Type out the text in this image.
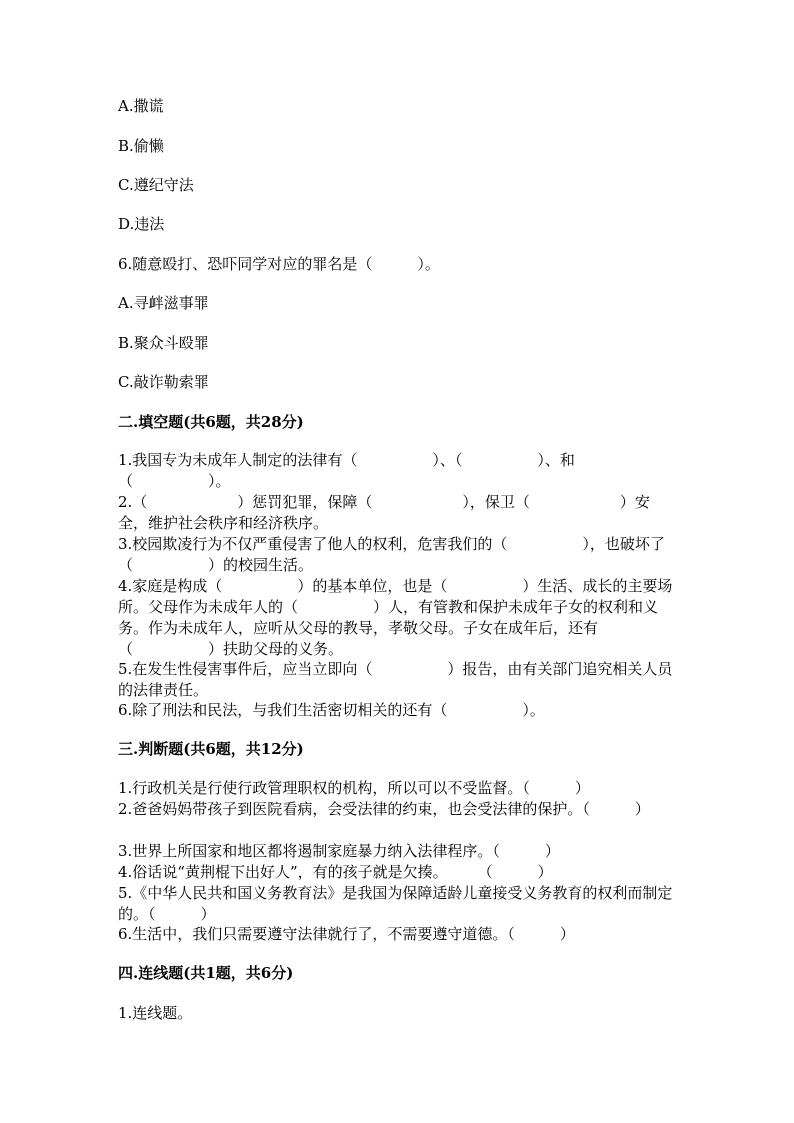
A.撒谎
B.偷懒
C.遵纪守法
D.违法
6.随意殴打、恐吓同学对应的罪名是（　　　）。
A.寻衅滋事罪
B.聚众斗殴罪
C.敲诈勒索罪
二.填空题(共6题，共28分)
1.我国专为未成年人制定的法律有（　　　　　）、（　　　　　）、和（　　　　　）。
2.（　　　　　　）惩罚犯罪，保障（　　　　　　），保卫（　　　　　　）安全，维护社会秩序和经济秩序。
3.校园欺凌行为不仅严重侵害了他人的权利，危害我们的（　　　　　），也破坏了（　　　　　）的校园生活。
4.家庭是构成（　　　　　）的基本单位，也是（　　　　　）生活、成长的主要场所。父母作为未成年人的（　　　　　）人，有管教和保护未成年子女的权利和义务。作为未成年人，应听从父母的教导，孝敬父母。子女在成年后，还有（　　　　　）扶助父母的义务。
5.在发生性侵害事件后，应当立即向（　　　　　）报告，由有关部门追究相关人员的法律责任。
6.除了刑法和民法，与我们生活密切相关的还有（　　　　　）。
三.判断题(共6题，共12分)
1.行政机关是行使行政管理职权的机构，所以可以不受监督。（　　　）
2.爸爸妈妈带孩子到医院看病，会受法律的约束，也会受法律的保护。（　　　）
3.世界上所国家和地区都将遏制家庭暴力纳入法律程序。（　　　）
4.俗话说“黄荆棍下出好人”，有的孩子就是欠揍。　　　（　　　）
5.《中华人民共和国义务教育法》是我国为保障适龄儿童接受义务教育的权利而制定的。（　　　）
6.生活中，我们只需要遵守法律就行了，不需要遵守道德。（　　　）
四.连线题(共1题，共6分)
1.连线题。
